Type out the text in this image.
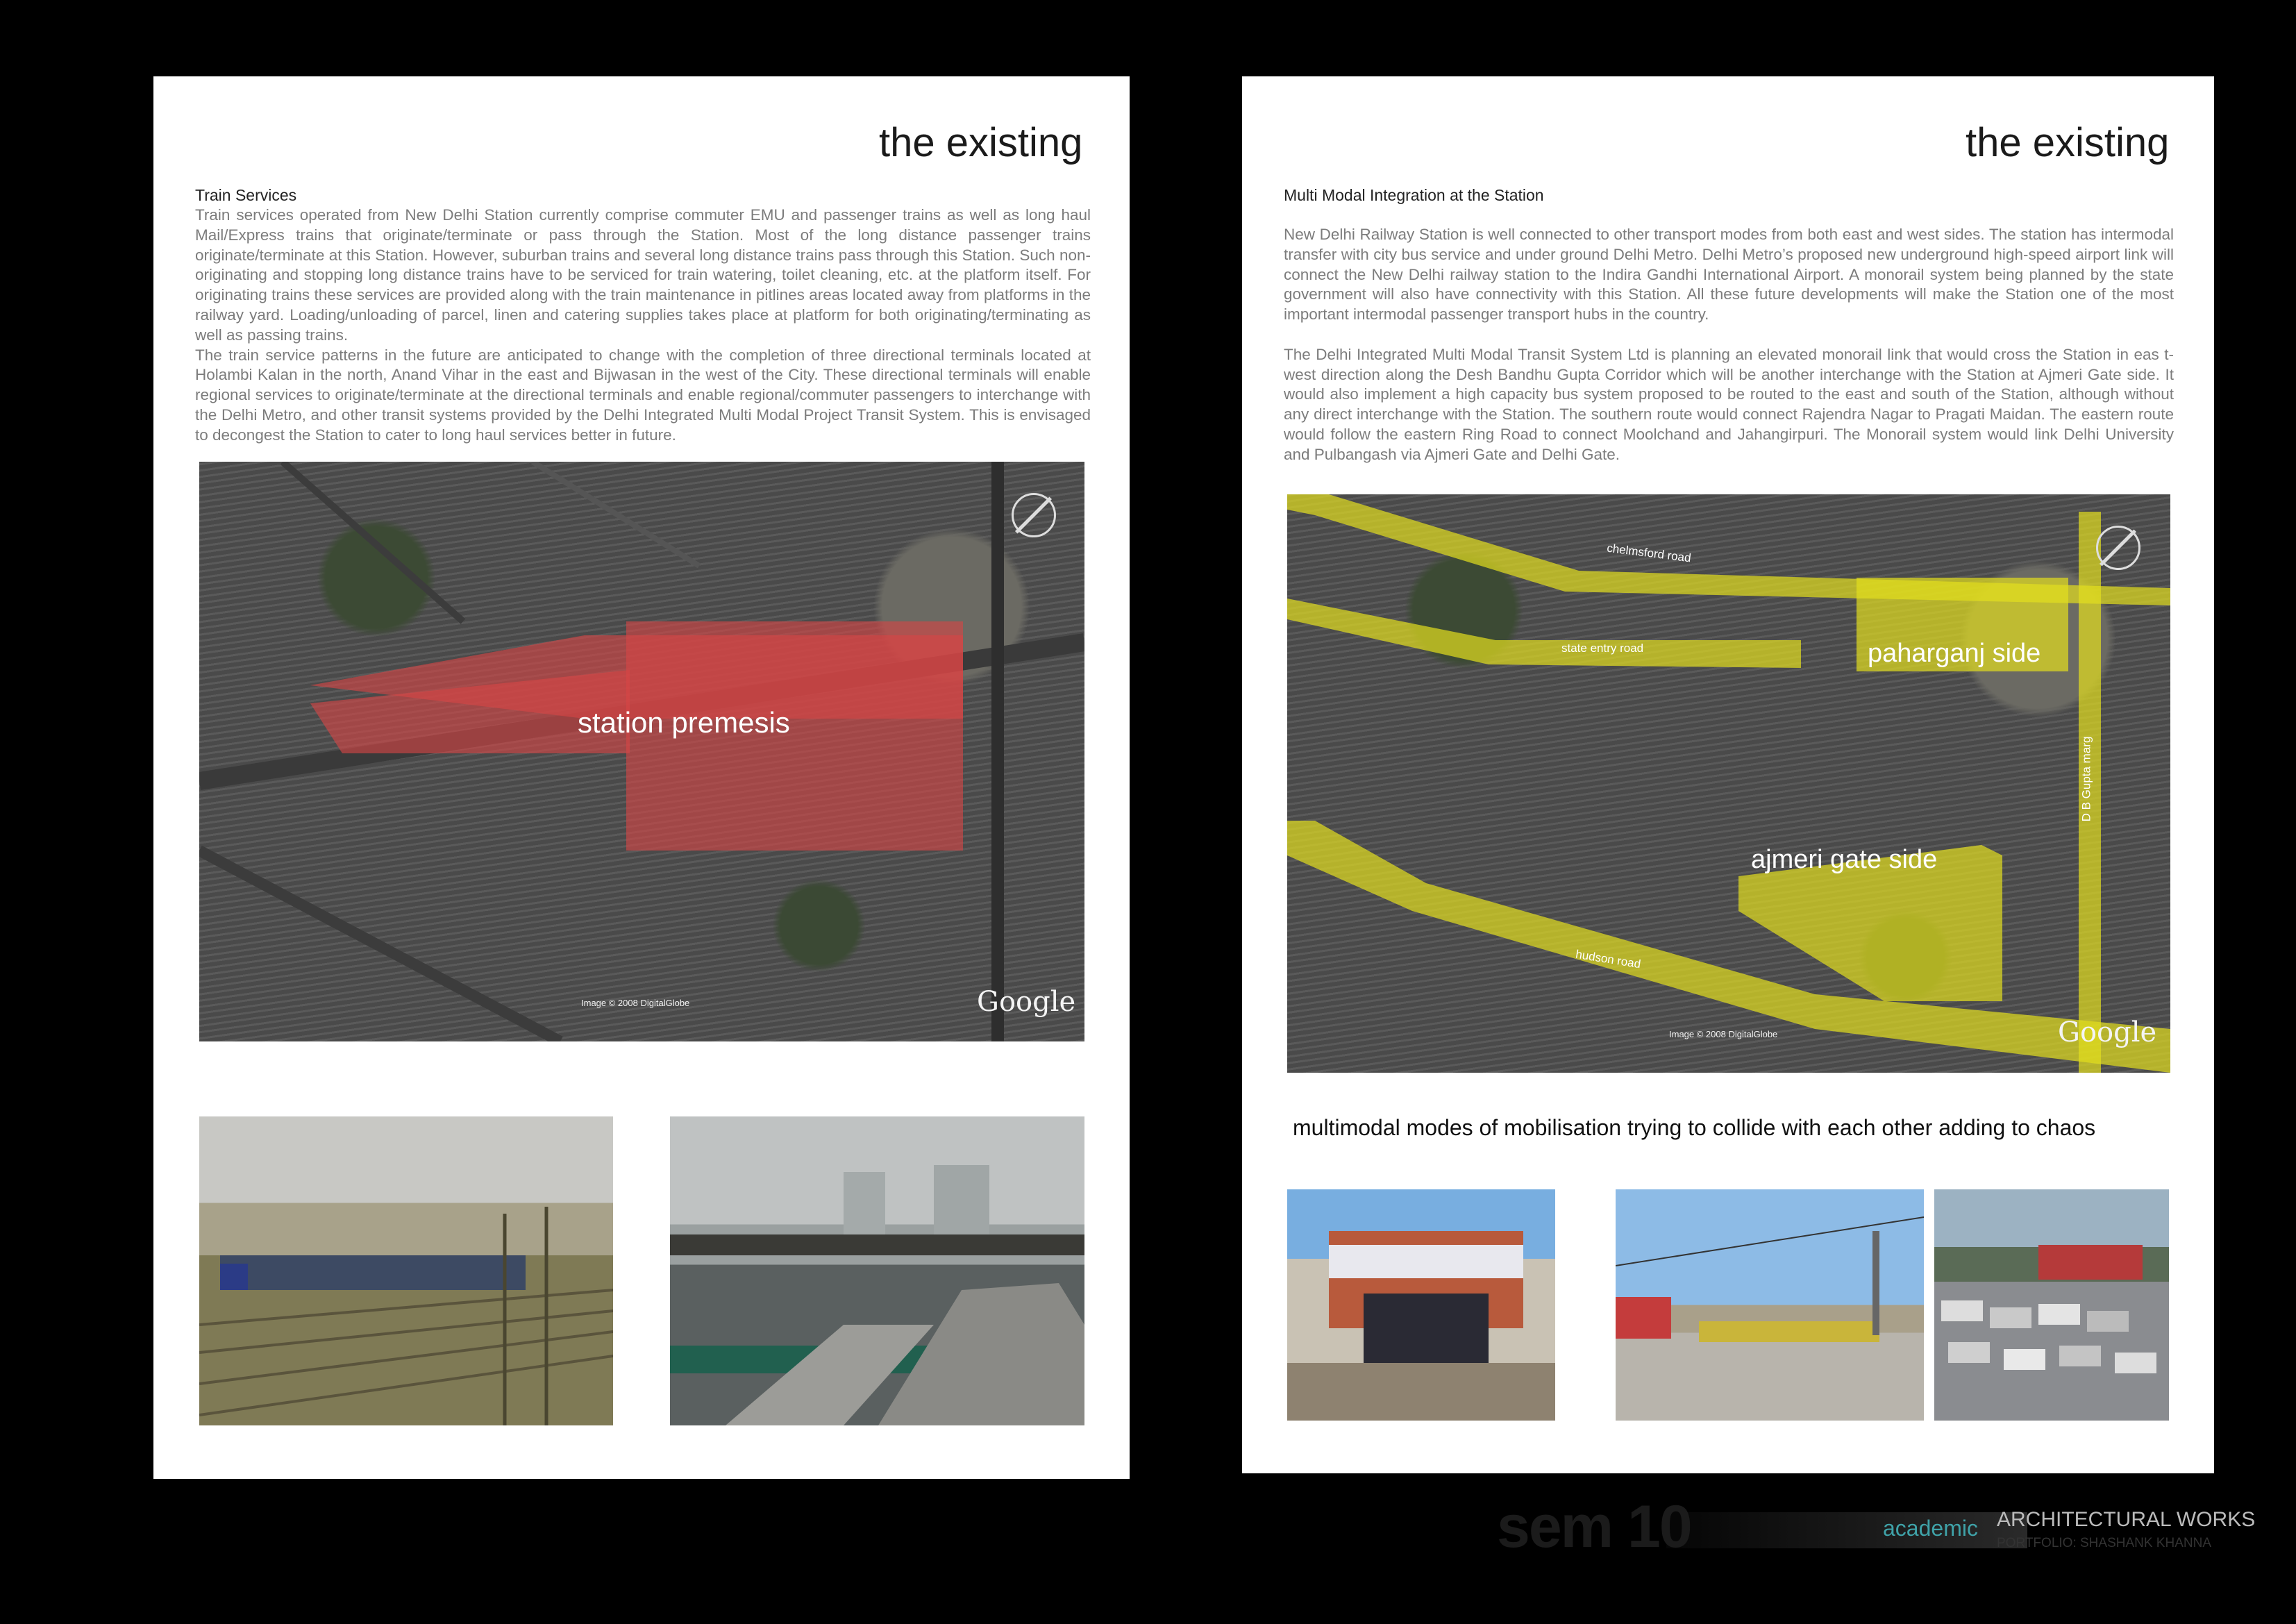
the existing
Train Services

Train services operated from New Delhi Station currently comprise commuter EMU and passenger trains as well as long haul Mail/Express trains that originate/terminate or pass through the Station. Most of the long distance passenger trains originate/terminate at this Station. However, suburban trains and several long distance trains pass through this Station. Such non-originating and stopping long distance trains have to be serviced for train watering, toilet cleaning, etc. at the platform itself. For originating trains these services are provided along with the train maintenance in pitlines areas located away from platforms in the railway yard. Loading/unloading of parcel, linen and catering supplies takes place at platform for both originating/terminating as well as passing trains.

The train service patterns in the future are anticipated to change with the completion of three directional terminals located at Holambi Kalan in the north, Anand Vihar in the east and Bijwasan in the west of the City. These directional terminals will enable regional services to originate/terminate at the directional terminals and enable regional/commuter passengers to interchange with the Delhi Metro, and other transit systems provided by the Delhi Integrated Multi Modal Project Transit System. This is envisaged to decongest the Station to cater to long haul services better in future.

station premesis
Image © 2008 DigitalGlobe	Google
the existing
Multi Modal Integration at the Station

New Delhi Railway Station is well connected to other transport modes from both east and west sides. The station has intermodal transfer with city bus service and under ground Delhi Metro. Delhi Metro’s proposed new underground high-speed airport link will connect the New Delhi railway station to the Indira Gandhi International Airport. A monorail system being planned by the state government will also have connectivity with this Station. All these future developments will make the Station one of the most important intermodal passenger transport hubs in the country.

The Delhi Integrated Multi Modal Transit System Ltd is planning an elevated monorail link that would cross the Station in eas t- west direction along the Desh Bandhu Gupta Corridor which will be another interchange with the Station at Ajmeri Gate side. It would also implement a high capacity bus system proposed to be routed to the east and south of the Station, although without any direct interchange with the Station. The southern route would connect Rajendra Nagar to Pragati Maidan. The eastern route would follow the eastern Ring Road to connect Moolchand and Jahangirpuri. The Monorail system would link Delhi University and Pulbangash via Ajmeri Gate and Delhi Gate.

chelmsford road
state entry road
hudson road
D B Gupta marg
paharganj side
ajmeri gate side
Image © 2008 DigitalGlobe	Google
multimodal modes of mobilisation trying to collide with each other adding to chaos
sem 10	academic ARCHITECTURAL WORKS
PORTFOLIO: SHASHANK KHANNA
